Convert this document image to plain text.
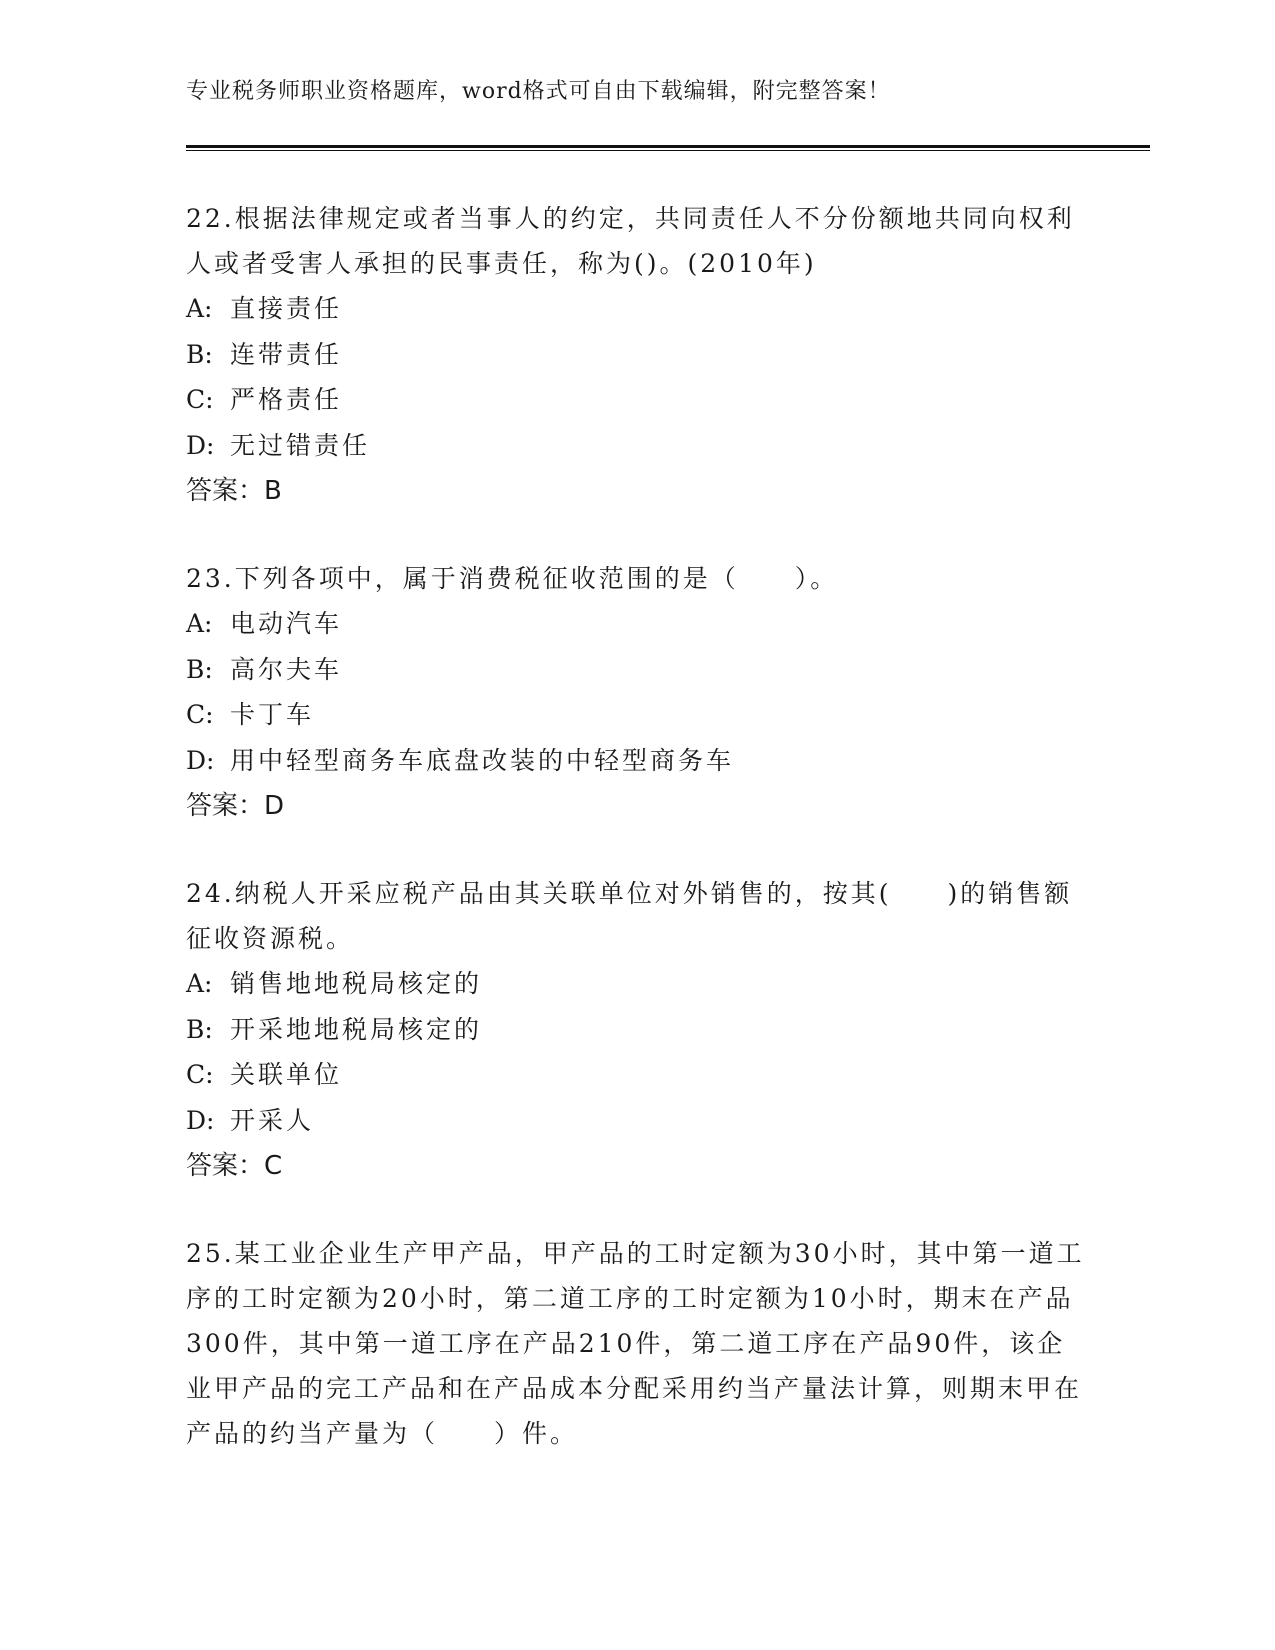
专业税务师职业资格题库，word格式可自由下载编辑，附完整答案！

22.根据法律规定或者当事人的约定，共同责任人不分份额地共同向权利人或者受害人承担的民事责任，称为()。(2010年)

A: 直接责任

B: 连带责任

C: 严格责任

D: 无过错责任

答案：B

23.下列各项中，属于消费税征收范围的是（　　）。

A: 电动汽车

B: 高尔夫车

C: 卡丁车

D: 用中轻型商务车底盘改装的中轻型商务车

答案：D

24.纳税人开采应税产品由其关联单位对外销售的，按其(　　)的销售额征收资源税。

A: 销售地地税局核定的

B: 开采地地税局核定的

C: 关联单位

D: 开采人

答案：C

25.某工业企业生产甲产品，甲产品的工时定额为30小时，其中第一道工序的工时定额为20小时，第二道工序的工时定额为10小时，期末在产品300件，其中第一道工序在产品210件，第二道工序在产品90件，该企业甲产品的完工产品和在产品成本分配采用约当产量法计算，则期末甲在产品的约当产量为（　　）件。
